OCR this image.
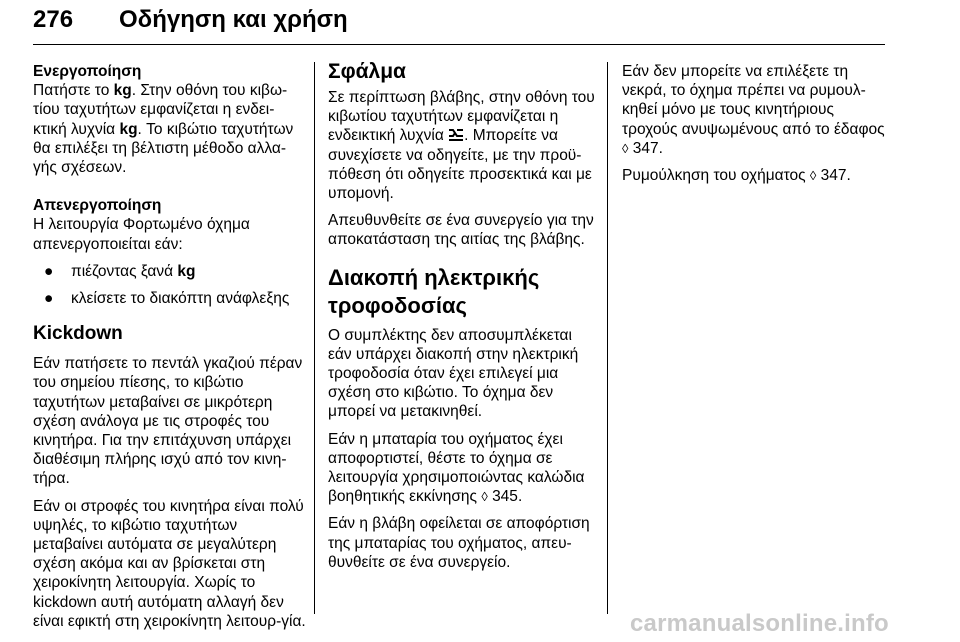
276 Οδήγηση και χρήση

Ενεργοποίηση

Πατήστε το kg. Στην οθόνη του κιβω-τίου ταχυτήτων εμφανίζεται η ενδει-κτική λυχνία kg. Το κιβώτιο ταχυτήτων θα επιλέξει τη βέλτιστη μέθοδο αλλα-γής σχέσεων.

Απενεργοποίηση

Η λειτουργία Φορτωμένο όχημα απενεργοποιείται εάν:

● πιέζοντας ξανά kg
● κλείσετε το διακόπτη ανάφλεξης

Kickdown

Εάν πατήσετε το πεντάλ γκαζιού πέραν του σημείου πίεσης, το κιβώτιο ταχυτήτων μεταβαίνει σε μικρότερη σχέση ανάλογα με τις στροφές του κινητήρα. Για την επιτάχυνση υπάρχει διαθέσιμη πλήρης ισχύ από τον κινη-τήρα.

Εάν οι στροφές του κινητήρα είναι πολύ υψηλές, το κιβώτιο ταχυτήτων μεταβαίνει αυτόματα σε μεγαλύτερη σχέση ακόμα και αν βρίσκεται στη χειροκίνητη λειτουργία. Χωρίς το kickdown αυτή αυτόματη αλλαγή δεν είναι εφικτή στη χειροκίνητη λειτουρ-γία.

Σφάλμα

Σε περίπτωση βλάβης, στην οθόνη του κιβωτίου ταχυτήτων εμφανίζεται η ενδεικτική λυχνία . Μπορείτε να συνεχίσετε να οδηγείτε, με την προϋ-πόθεση ότι οδηγείτε προσεκτικά και με υπομονή.

Απευθυνθείτε σε ένα συνεργείο για την αποκατάσταση της αιτίας της βλάβης.

Διακοπή ηλεκτρικής τροφοδοσίας

Ο συμπλέκτης δεν αποσυμπλέκεται εάν υπάρχει διακοπή στην ηλεκτρική τροφοδοσία όταν έχει επιλεγεί μια σχέση στο κιβώτιο. Το όχημα δεν μπορεί να μετακινηθεί.

Εάν η μπαταρία του οχήματος έχει αποφορτιστεί, θέστε το όχημα σε λειτουργία χρησιμοποιώντας καλώδια βοηθητικής εκκίνησης ◊ 345.

Εάν η βλάβη οφείλεται σε αποφόρτιση της μπαταρίας του οχήματος, απευ-θυνθείτε σε ένα συνεργείο.

Εάν δεν μπορείτε να επιλέξετε τη νεκρά, το όχημα πρέπει να ρυμουλ-κηθεί μόνο με τους κινητήριους τροχούς ανυψωμένους από το έδαφος ◊ 347.

Ρυμούλκηση του οχήματος ◊ 347.

carmanualsonline.info
